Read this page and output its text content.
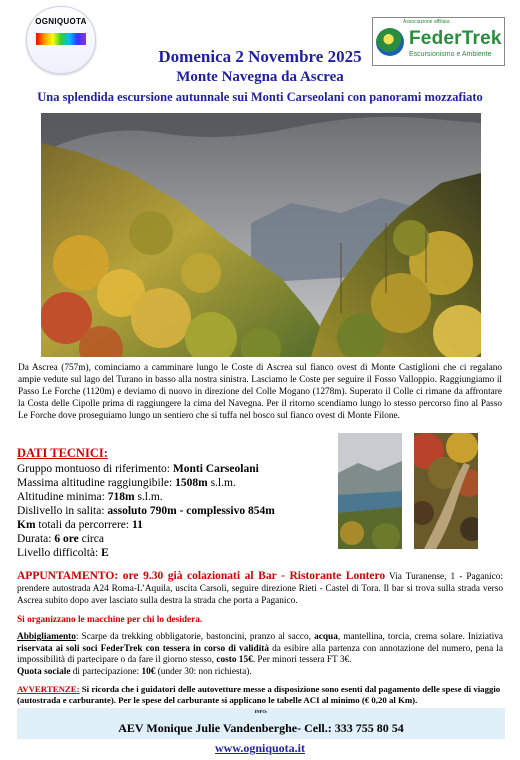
OGNIQUOTA	Associazione affiliata
FederTrek
Escursionismo e Ambiente
Domenica 2 Novembre 2025
Monte Navegna da Ascrea
Una splendida escursione autunnale sui Monti Carseolani con panorami mozzafiato
Da Ascrea (757m), cominciamo a camminare lungo le Coste di Ascrea sul fianco ovest di Monte Castiglioni che ci regalano ampie vedute sul lago del Turano in basso alla nostra sinistra. Lasciamo le Coste per seguire il Fosso Valloppio. Raggiungiamo il Passo Le Forche (1120m) e deviamo di nuovo in direzione del Colle Mogano (1278m). Superato il Colle ci rimane da affrontare la Costa delle Cipolle prima di raggiungere la cima del Navegna. Per il ritorno scendiamo lungo lo stesso percorso fino al Passo Le Forche dove proseguiamo lungo un sentiero che si tuffa nel bosco sul fianco ovest di Monte Filone.
DATI TECNICI:
Gruppo montuoso di riferimento: Monti Carseolani
Massima altitudine raggiungibile: 1508m s.l.m.
Altitudine minima: 718m s.l.m.
Dislivello in salita: assoluto 790m - complessivo 854m
Km totali da percorrere: 11
Durata: 6 ore circa
Livello difficoltà: E
APPUNTAMENTO: ore 9.30 già colazionati al Bar - Ristorante Lontero Via Turanense, 1 - Paganico: prendere autostrada A24 Roma-L’Aquila, uscita Carsoli, seguire direzione Rieti - Castel di Tora. Il bar si trova sulla strada verso Ascrea subito dopo aver lasciato sulla destra la strada che porta a Paganico.
Si organizzano le macchine per chi lo desidera.
Abbigliamento: Scarpe da trekking obbligatorie, bastoncini, pranzo al sacco, acqua, mantellina, torcia, crema solare. Iniziativa riservata ai soli soci FederTrek con tessera in corso di validità da esibire alla partenza con annotazione del numero, pena la impossibilità di partecipare o da fare il giorno stesso, costo 15€. Per minori tessera FT 3€.
Quota sociale di partecipazione: 10€ (under 30: non richiesta).
AVVERTENZE: Si ricorda che i guidatori delle autovetture messe a disposizione sono esenti dal pagamento delle spese di viaggio (autostrada e carburante). Per le spese del carburante si applicano le tabelle ACI al minimo (€ 0,20 al Km).
INFO:
AEV Monique Julie Vandenberghe- Cell.: 333 755 80 54
www.ogniquota.it
